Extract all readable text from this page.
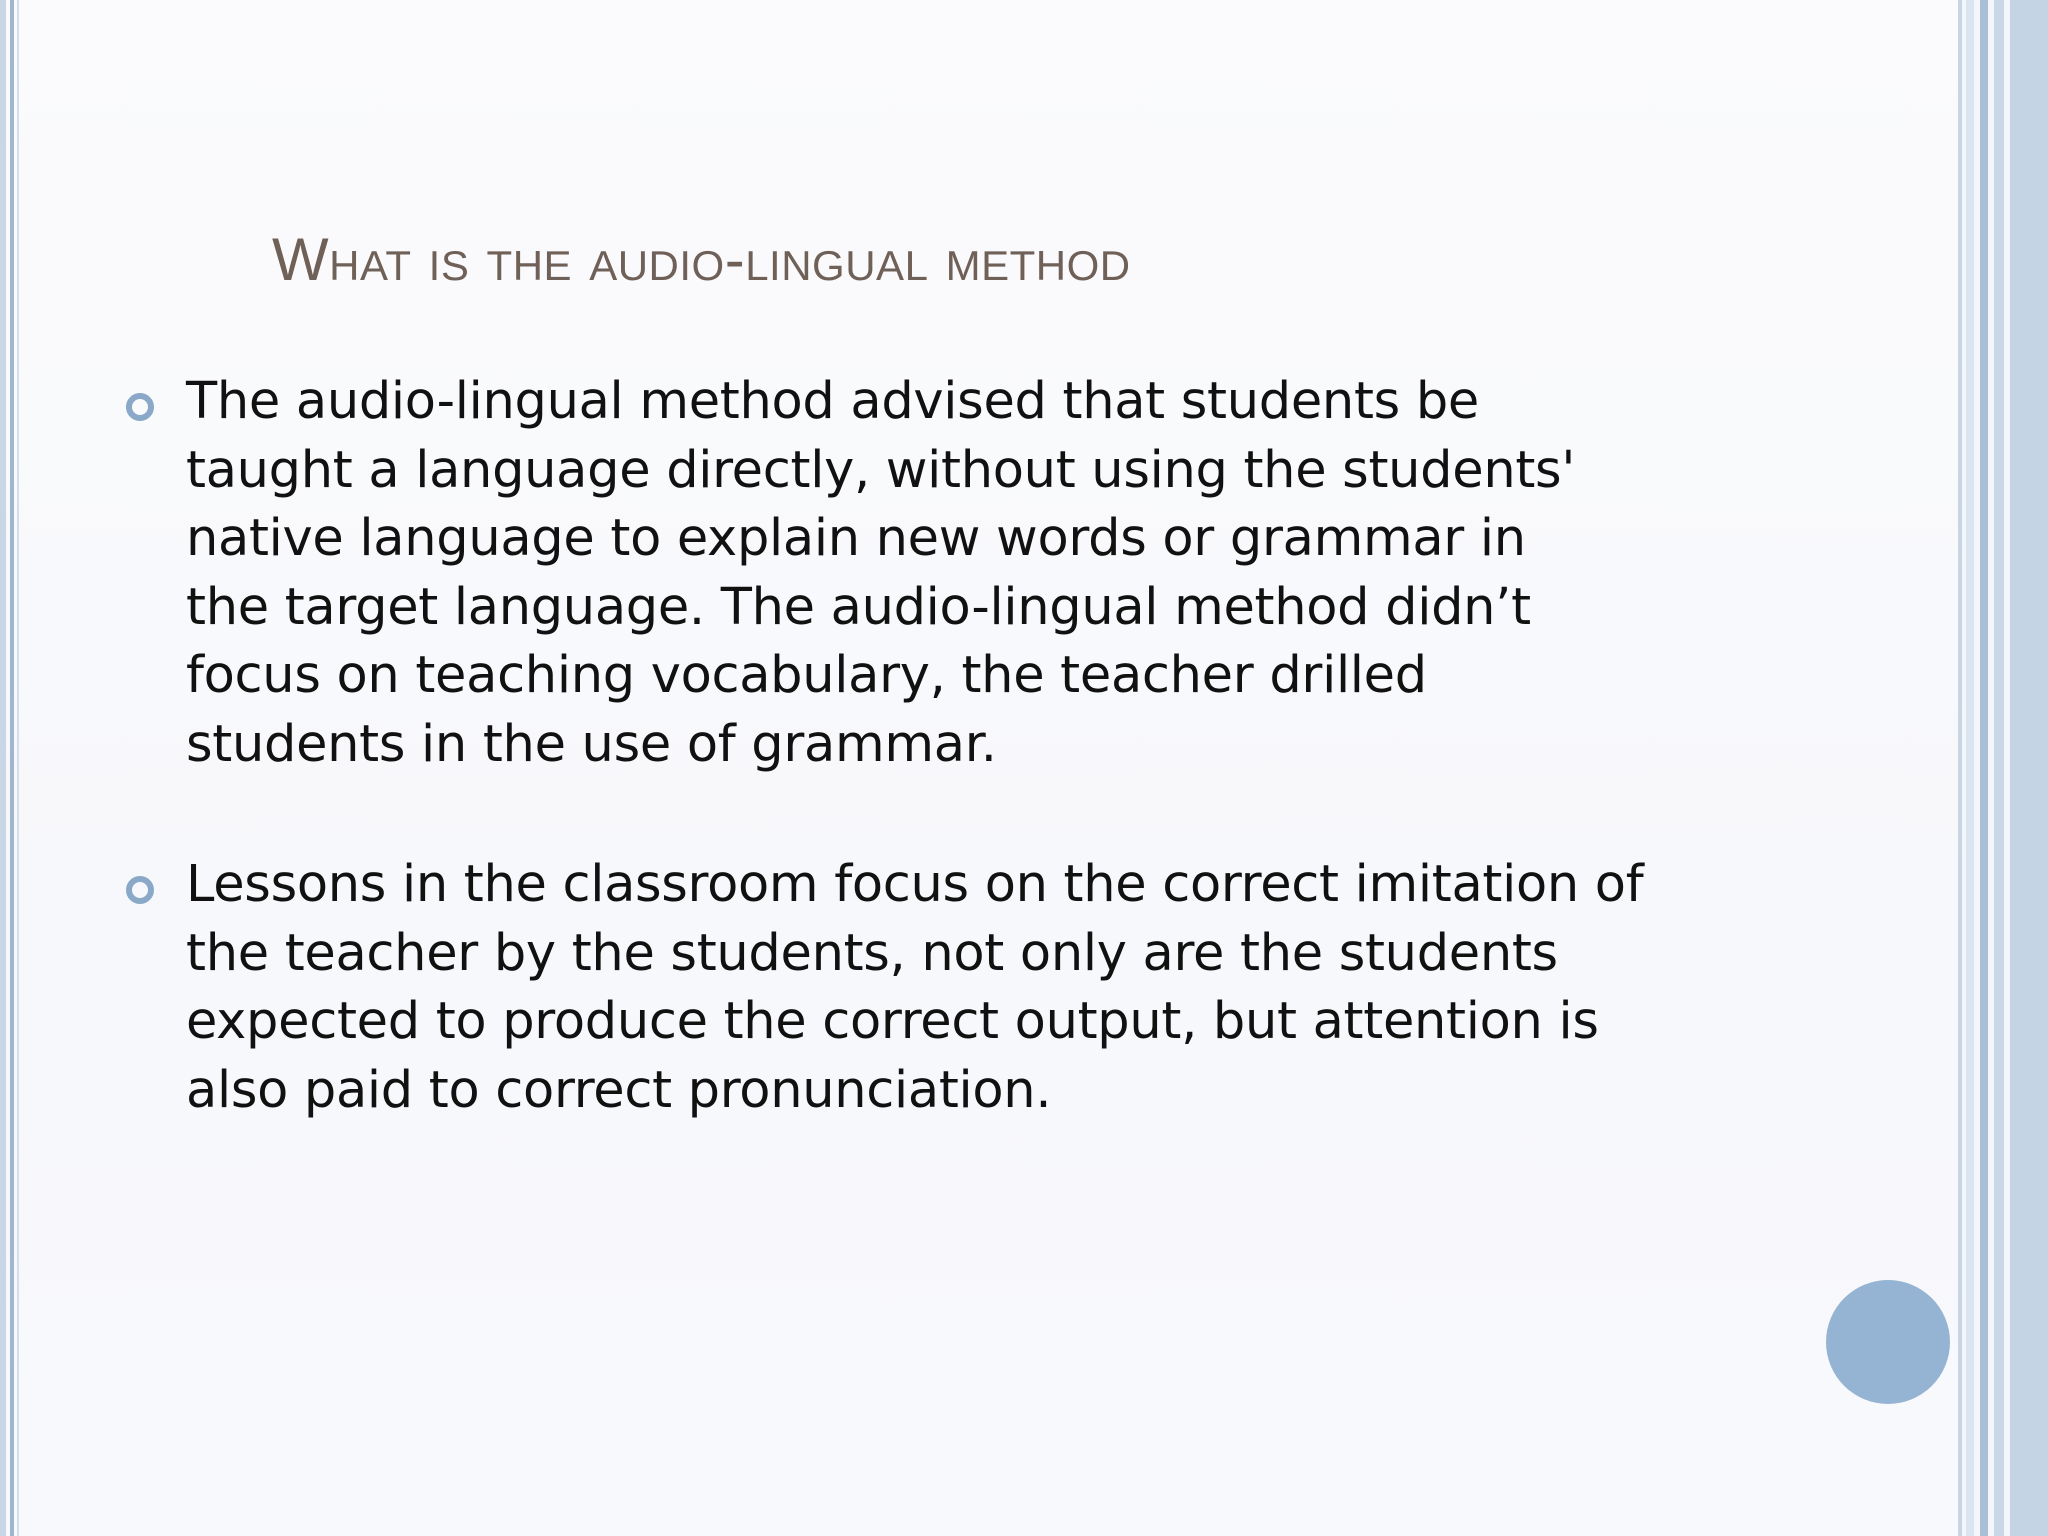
What is the audio-lingual method
The audio-lingual method advised that students be
taught a language directly, without using the students'
native language to explain new words or grammar in
the target language. The audio-lingual method didn’t
focus on teaching vocabulary, the teacher drilled
students in the use of grammar.
Lessons in the classroom focus on the correct imitation of
the teacher by the students, not only are the students
expected to produce the correct output, but attention is
also paid to correct pronunciation.
